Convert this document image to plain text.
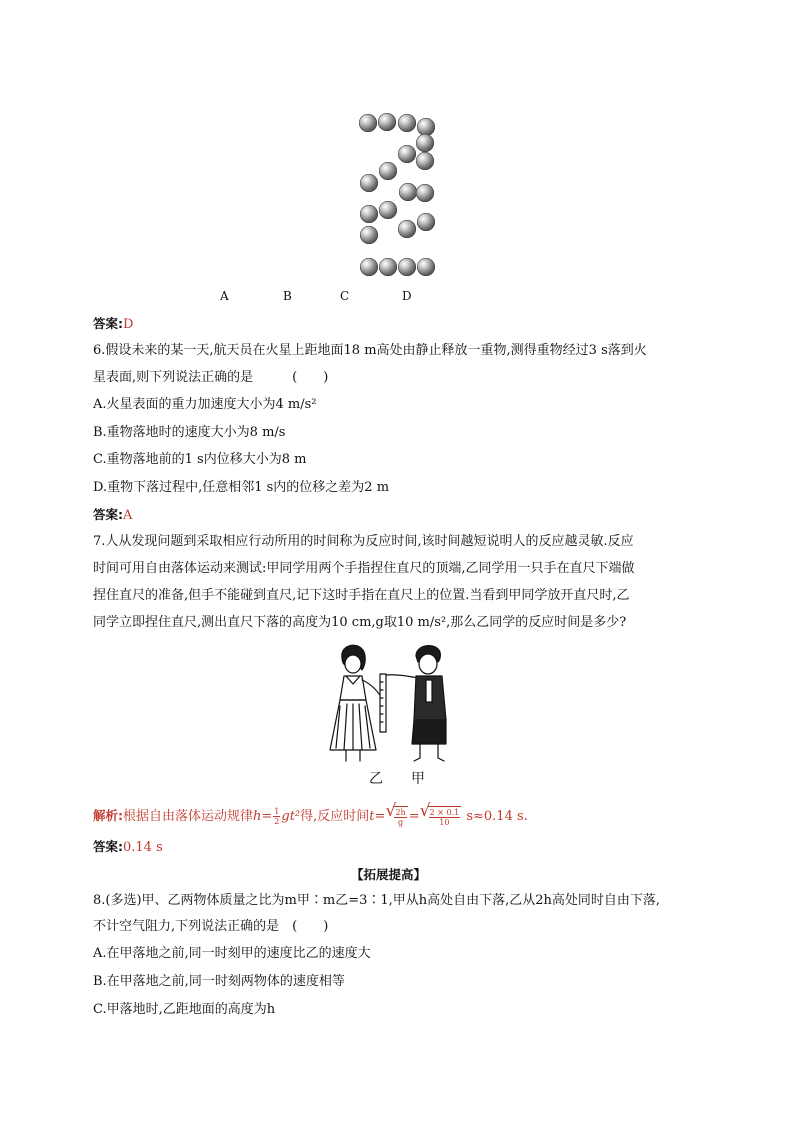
A	B	C	D
答案:D
6.假设未来的某一天,航天员在火星上距地面18 m高处由静止释放一重物,测得重物经过3 s落到火
星表面,则下列说法正确的是　　　(　　)
A.火星表面的重力加速度大小为4 m/s²
B.重物落地时的速度大小为8 m/s
C.重物落地前的1 s内位移大小为8 m
D.重物下落过程中,任意相邻1 s内的位移之差为2 m
答案:A
7.人从发现问题到采取相应行动所用的时间称为反应时间,该时间越短说明人的反应越灵敏.反应
时间可用自由落体运动来测试:甲同学用两个手指捏住直尺的顶端,乙同学用一只手在直尺下端做
捏住直尺的准备,但手不能碰到直尺,记下这时手指在直尺上的位置.当看到甲同学放开直尺时,乙
同学立即捏住直尺,测出直尺下落的高度为10 cm,g取10 m/s²,那么乙同学的反应时间是多少?
乙 甲
解析:根据自由落体运动规律$h= \frac{1}{2} gt^2$得,反应时间t= √ $\frac{2h}{g}$ = √ $\frac{2 \times 0.1}{10} s\approx 0.14$ s.
答案:0.14 s
【拓展提高】
8.(多选)甲、乙两物体质量之比为m甲∶m乙=3∶1,甲从h高处自由下落,乙从2h高处同时自由下落,
不计空气阻力,下列说法正确的是　(　　)
A.在甲落地之前,同一时刻甲的速度比乙的速度大
B.在甲落地之前,同一时刻两物体的速度相等
C.甲落地时,乙距地面的高度为h
